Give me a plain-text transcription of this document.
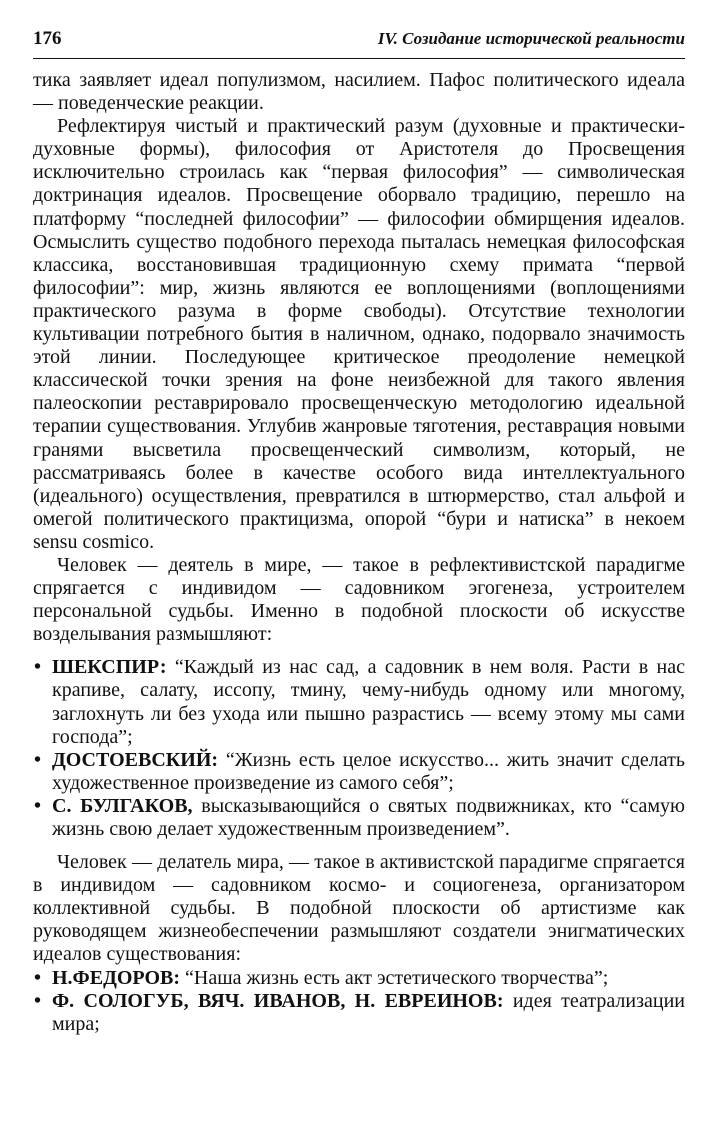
176	IV. Созидание исторической реальности

тика заявляет идеал популизмом, насилием. Пафос политического идеала — поведенческие реакции.

Рефлектируя чистый и практический разум (духовные и практически-духовные формы), философия от Аристотеля до Просвещения исключительно строилась как “первая философия” — символическая доктринация идеалов. Просвещение оборвало традицию, перешло на платформу “последней философии” — философии обмирщения идеалов. Осмыслить существо подобного перехода пыталась немецкая философская классика, восстановившая традиционную схему примата “первой философии”: мир, жизнь являются ее воплощениями (воплощениями практического разума в форме свободы). Отсутствие технологии культивации потребного бытия в наличном, однако, подорвало значимость этой линии. Последующее критическое преодоление немецкой классической точки зрения на фоне неизбежной для такого явления палеоскопии реставрировало просвещенческую методологию идеальной терапии существования. Углубив жанровые тяготения, реставрация новыми гранями высветила просвещенческий символизм, который, не рассматриваясь более в качестве особого вида интеллектуального (идеального) осуществления, превратился в штюрмерство, стал альфой и омегой политического практицизма, опорой “бури и натиска” в некоем sensu cosmico.

Человек — деятель в мире, — такое в рефлективистской парадигме спрягается с индивидом — садовником эгогенеза, устроителем персональной судьбы. Именно в подобной плоскости об искусстве возделывания размышляют:

• ШЕКСПИР: “Каждый из нас сад, а садовник в нем воля. Расти в нас крапиве, салату, иссопу, тмину, чему-нибудь одному или многому, заглохнуть ли без ухода или пышно разрастись — всему этому мы сами господа”;
• ДОСТОЕВСКИЙ: “Жизнь есть целое искусство... жить значит сделать художественное произведение из самого себя”;
• С. БУЛГАКОВ, высказывающийся о святых подвижниках, кто “самую жизнь свою делает художественным произведением”.

Человек — делатель мира, — такое в активистской парадигме спрягается в индивидом — садовником космо- и социогенеза, организатором коллективной судьбы. В подобной плоскости об артистизме как руководящем жизнеобеспечении размышляют создатели энигматических идеалов существования:

• Н.ФЕДОРОВ: “Наша жизнь есть акт эстетического творчества”;
• Ф. СОЛОГУБ, ВЯЧ. ИВАНОВ, Н. ЕВРЕИНОВ: идея театрализации мира;
